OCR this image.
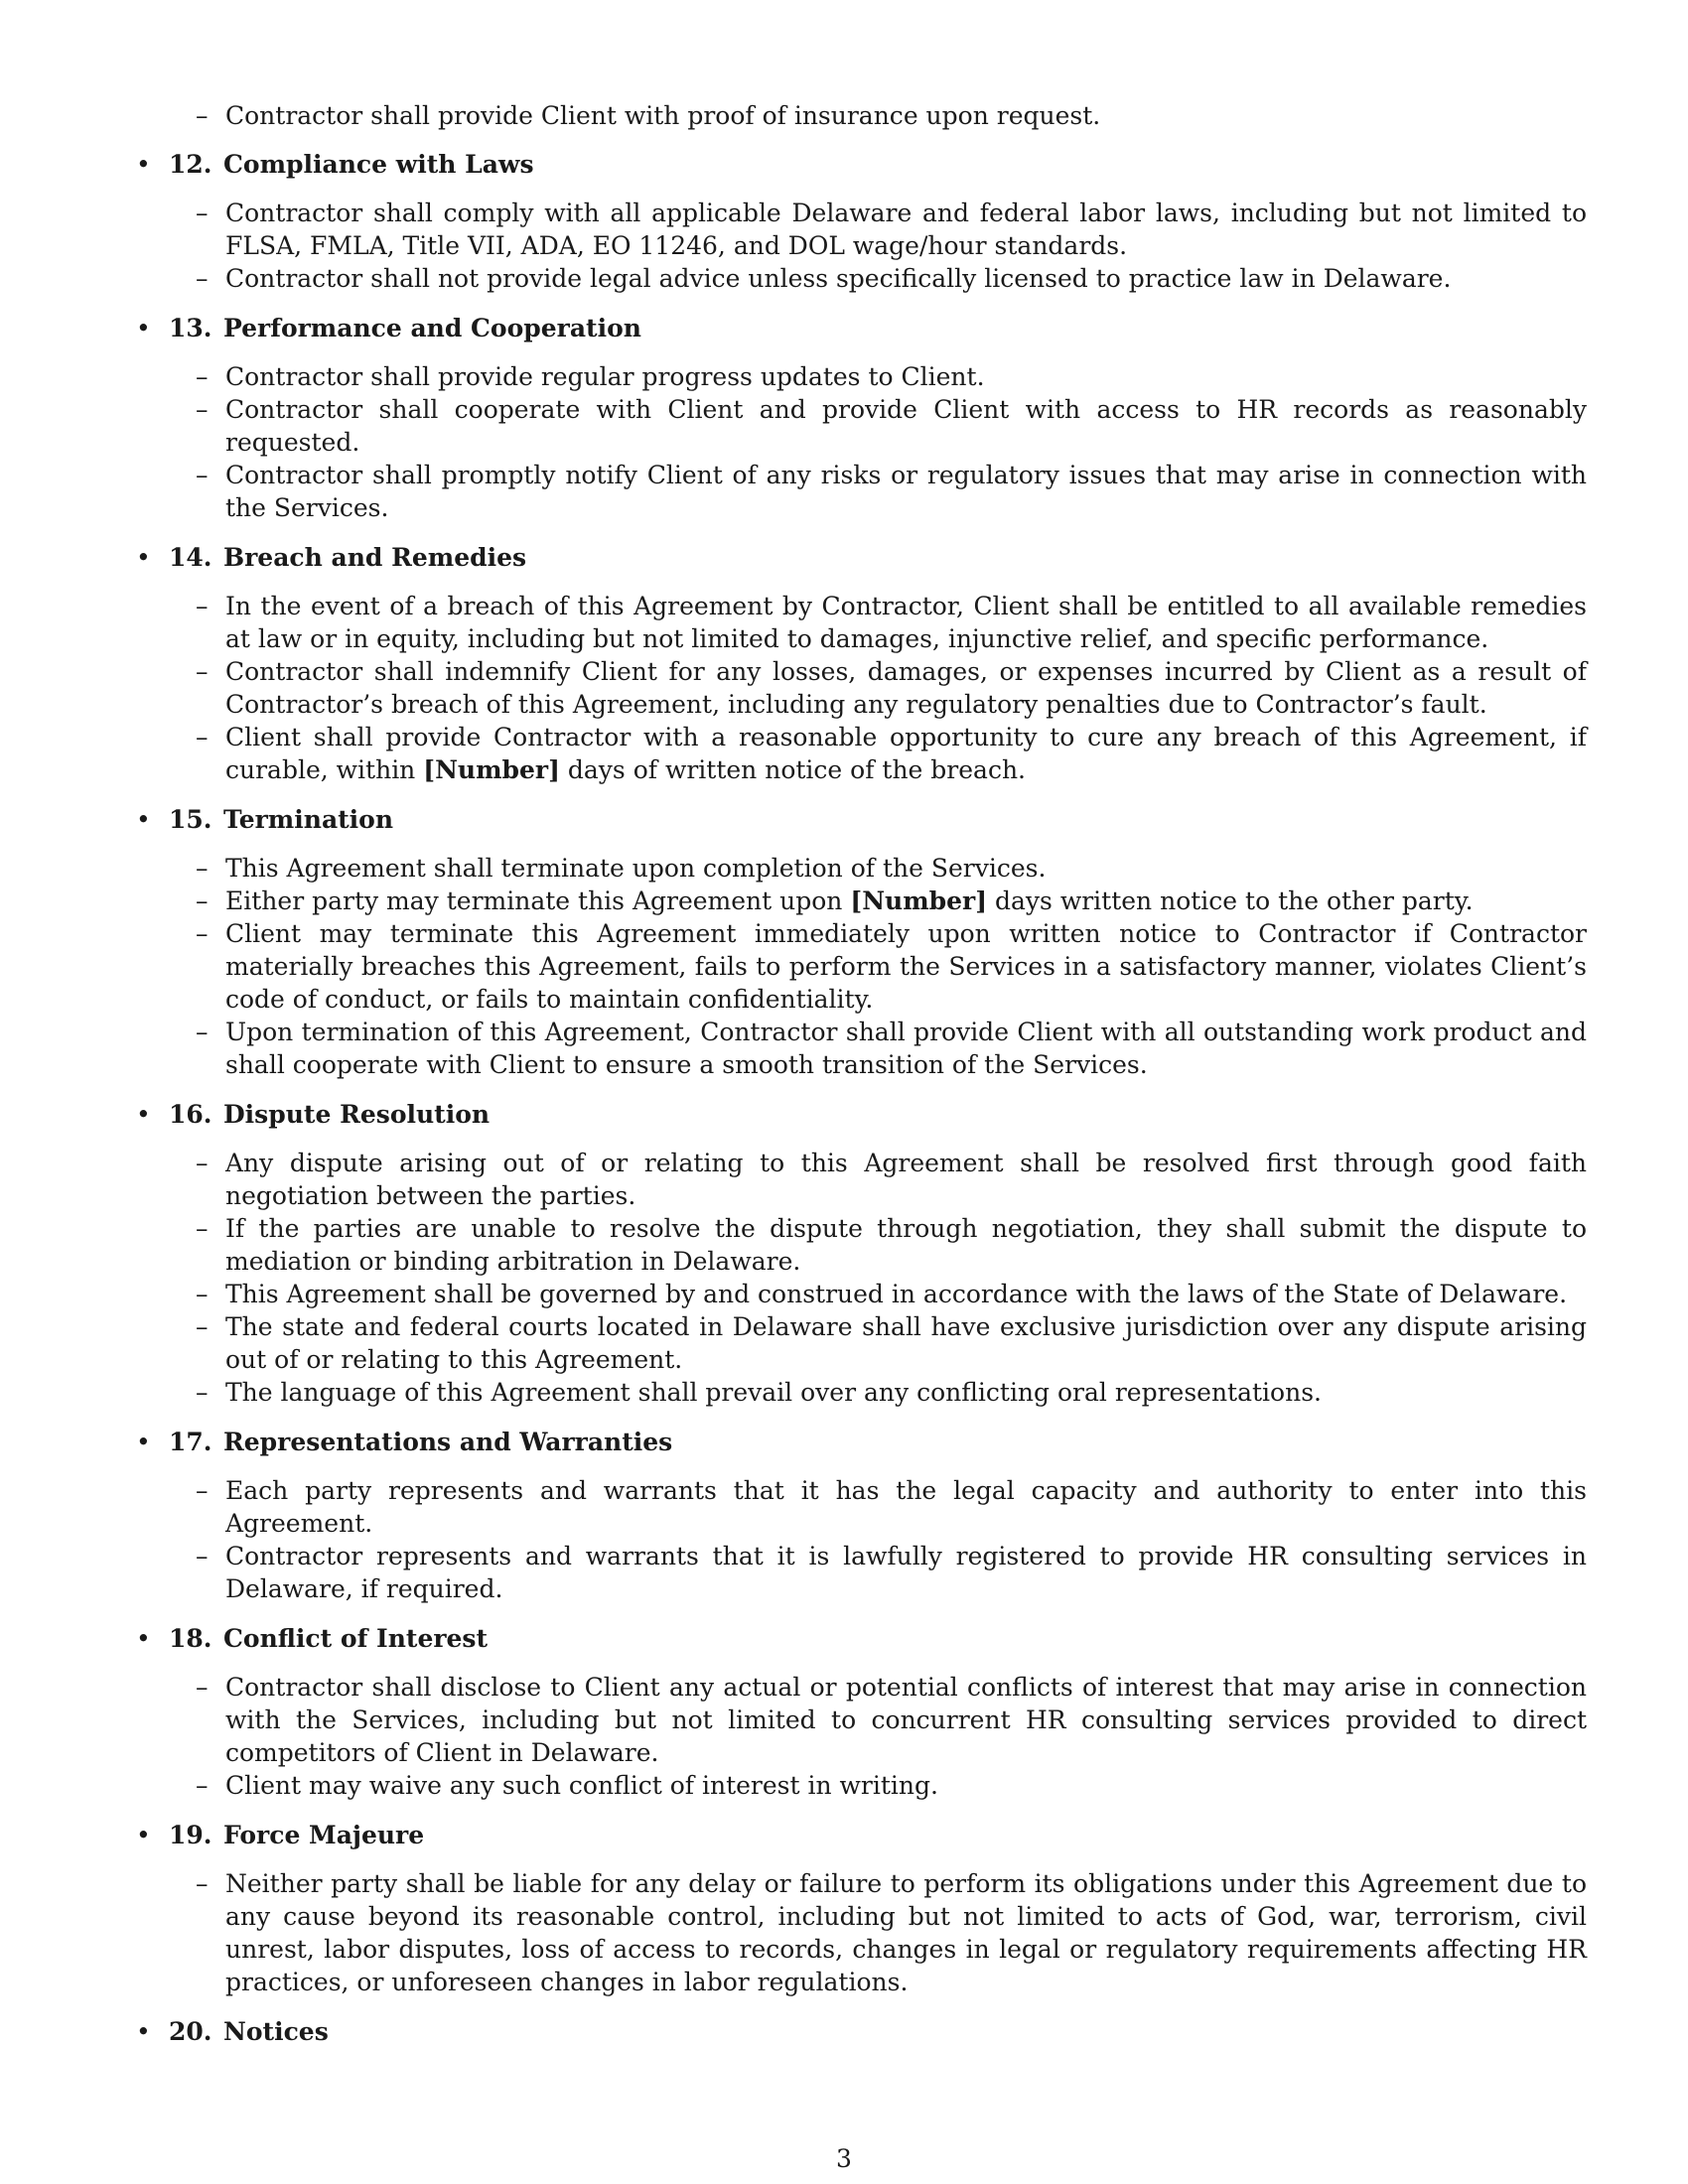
– Contractor shall provide Client with proof of insurance upon request.
• 12. Compliance with Laws
– Contractor shall comply with all applicable Delaware and federal labor laws, including but not limited to FLSA, FMLA, Title VII, ADA, EO 11246, and DOL wage/hour standards.
– Contractor shall not provide legal advice unless specifically licensed to practice law in Delaware.
• 13. Performance and Cooperation
– Contractor shall provide regular progress updates to Client.
– Contractor shall cooperate with Client and provide Client with access to HR records as reasonably requested.
– Contractor shall promptly notify Client of any risks or regulatory issues that may arise in connection with the Services.
• 14. Breach and Remedies
– In the event of a breach of this Agreement by Contractor, Client shall be entitled to all available remedies at law or in equity, including but not limited to damages, injunctive relief, and specific performance.
– Contractor shall indemnify Client for any losses, damages, or expenses incurred by Client as a result of Contractor’s breach of this Agreement, including any regulatory penalties due to Contractor’s fault.
– Client shall provide Contractor with a reasonable opportunity to cure any breach of this Agreement, if curable, within [Number] days of written notice of the breach.
• 15. Termination
– This Agreement shall terminate upon completion of the Services.
– Either party may terminate this Agreement upon [Number] days written notice to the other party.
– Client may terminate this Agreement immediately upon written notice to Contractor if Contractor materially breaches this Agreement, fails to perform the Services in a satisfactory manner, violates Client’s code of conduct, or fails to maintain confidentiality.
– Upon termination of this Agreement, Contractor shall provide Client with all outstanding work product and shall cooperate with Client to ensure a smooth transition of the Services.
• 16. Dispute Resolution
– Any dispute arising out of or relating to this Agreement shall be resolved first through good faith negotiation between the parties.
– If the parties are unable to resolve the dispute through negotiation, they shall submit the dispute to mediation or binding arbitration in Delaware.
– This Agreement shall be governed by and construed in accordance with the laws of the State of Delaware.
– The state and federal courts located in Delaware shall have exclusive jurisdiction over any dispute arising out of or relating to this Agreement.
– The language of this Agreement shall prevail over any conflicting oral representations.
• 17. Representations and Warranties
– Each party represents and warrants that it has the legal capacity and authority to enter into this Agreement.
– Contractor represents and warrants that it is lawfully registered to provide HR consulting services in Delaware, if required.
• 18. Conflict of Interest
– Contractor shall disclose to Client any actual or potential conflicts of interest that may arise in connection with the Services, including but not limited to concurrent HR consulting services provided to direct competitors of Client in Delaware.
– Client may waive any such conflict of interest in writing.
• 19. Force Majeure
– Neither party shall be liable for any delay or failure to perform its obligations under this Agreement due to any cause beyond its reasonable control, including but not limited to acts of God, war, terrorism, civil unrest, labor disputes, loss of access to records, changes in legal or regulatory requirements affecting HR practices, or unforeseen changes in labor regulations.
• 20. Notices
3
